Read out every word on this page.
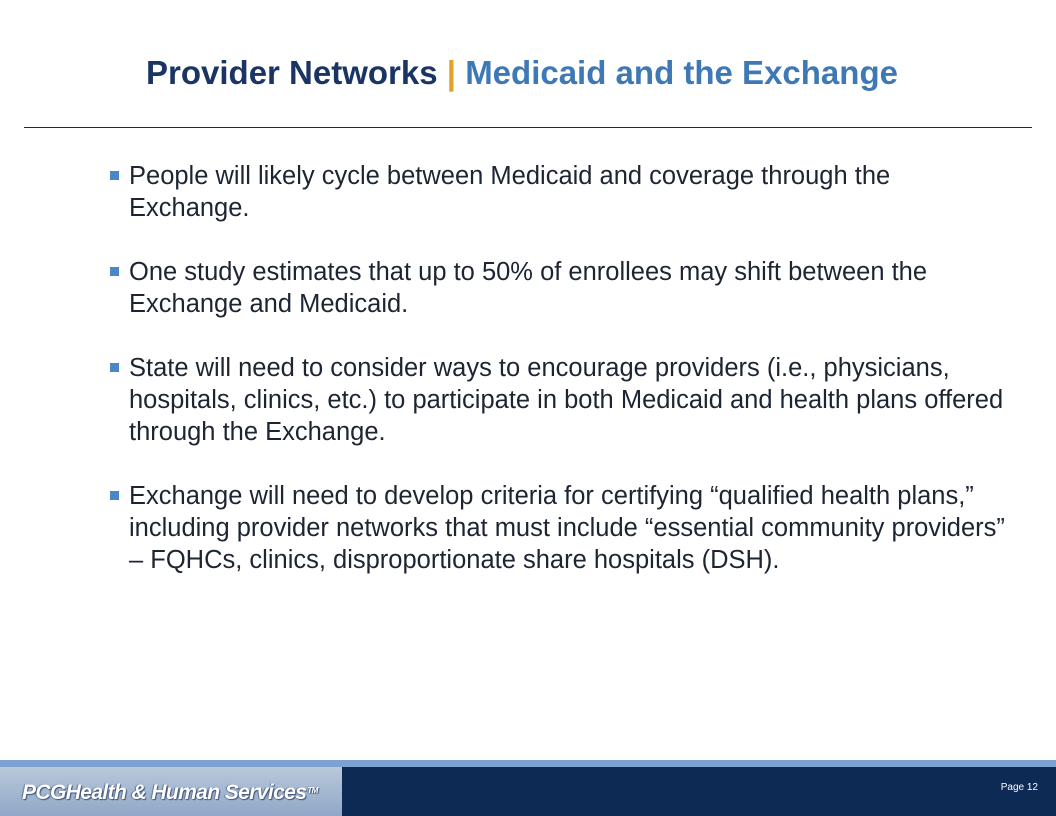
Provider Networks | Medicaid and the Exchange
People will likely cycle between Medicaid and coverage through the Exchange.
One study estimates that up to 50% of enrollees may shift between the Exchange and Medicaid.
State will need to consider ways to encourage providers (i.e., physicians, hospitals, clinics, etc.) to participate in both Medicaid and health plans offered through the Exchange.
Exchange will need to develop criteria for certifying “qualified health plans,” including provider networks that must include “essential community providers” – FQHCs, clinics, disproportionate share hospitals (DSH).
PCGHealth & Human Services™	Page 12
